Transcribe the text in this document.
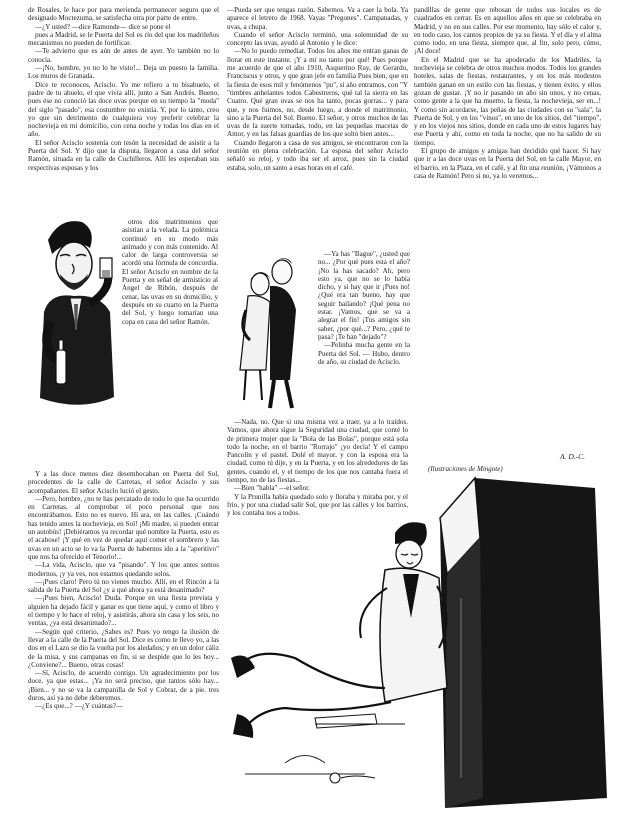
de Rosales, le hace por para merienda permanecer seguro que el designado Moctezuma, se satisfecha otra por parte de entre.

—¿Y usted? —dice Ramonde— dice se pone el

pues a Madrid, se le Puerta del Sol es río del que los madrileños mecanismos no pueden de fortificar.

—Te advierto que es aún de antes de ayer. Yo también no lo conocía.

—¡No, hombre, yo no lo he visto!... Deja un puesto la familia. Los muros de Granada.

Dice te reconoces, Acisclo. Yo me refiero a tu bisabuelo, el padre de tu abuelo, el que vivía allí, junto a San Andrés. Bueno, pues ése no conoció las doce uvas porque en su tiempo la "moda" del siglo "pasado", esa costumbre no existía. Y, por lo tanto, creo yo que sin detrimento de cualquiera voy preferir celebrar la nochevieja en mi domicilio, con cena noche y todas los días en el año.

El señor Acisclo sostenía con tesón la necesidad de asistir a la Puerta del Sol. Y dijo que la disputa, llegaron a casa del señor Ramón, situada en la calle de Cuchilleros. Allí les esperaban sus respectivas esposas y los

otros dos matrimonios que asistían a la velada. La polémica continuó en su modo más animado y con más contenido. Al calor de larga controversia se acordó una fórmula de concordia. El señor Acisclo en nombre de la Puerta y en señal de armisticio al Ángel de Ribón, después de cenar, las uvas en su domicilio, y después en su cuarto en la Puerta del Sol, y luego tomarían una copa en casa del señor Ramón.

Y a las doce menos diez desembocaban en Puerta del Sol, procedentes de la calle de Carretas, el señor Acisclo y sus acompañantes. El señor Acisclo lució el gesto.

—Pero, hombre, ¿no te has percatado de todo lo que ha ocurrido en Carretas, al comprobar el poco personal que nos encontrábamos. Esto no es nuevo. Hí ara, en las calles. ¡Cuándo has tenido antes la nochevieja, en Sol! ¡Mi madre, si pueden entrar un autobús! ¡Debiéramos ya recordar qué nombre la Puerta, esto es el acabose! ¡Y qué en vez de quedar aquí comer el sombrero y las uvas en un acto se lo va la Puerta de habernos ido a la "aperitivo" que nos ha ofrecido el Tenorio!...

—La vida, Acisclo, que va "pisando". Y los que antes somos modernos, ¡y ya ves, nos estamos quedando solos.

—¡Pues claro! Pero tú no vienes mucho. Allí, en el Rincón a la salida de la Puerta del Sol ¿y a qué ahora ya está desanimado?

—¡Pues bien, Acisclo! Duda. Porque en una fiesta prevista y alguien ha dejado fácil y ganar es que tiene aquí, y como el libro y el tiempo y lo hace el reloj, y asistirás, ahora sin casa y los seis, no ventas, ¿ya está desanimado?...

—Según qué criterio, ¿Sabes es? Pues yo tengo la ilusión de llevar a la calle de la Puerta del Sol. Dice es como te llevo yo, a las dos en el Lazo se dio la vuelta por los aledaños; y en un dolor cáliz de la misa, y sus campanas en fin, si se despide que lo les hoy... ¿Conviene?... Bueno, otras cosas!

—Sí, Acisclo, de acuerdo contigo. Un agradecimiento por los doce, ya que estas... ¡Ya no será preciso, que tantos sólo hay... ¡Bien... y no se va la campanilla de Sol y Cobrar, de a pie. tres duros, así ya no debe deberemos.

—¿Es que...? —¿Y cuántas?—

—Pueda ser que tengas razón. Sabemos. Va a caer la bola. Ya aparece el letrero de 1968. Vayas "Pregones". Campanadas, y uvas, a chupa.

Cuando el señor Acisclo terminó, una solemnidad de su concepto las uvas, ayudó al Antonio y le dice:

—No lo puedo remediar. Todos los años me entran ganas de llorar en este instante. ¡Y a mí no tanto por qué! Pues porque me acuerdo de que el año 1910, Asquerino Ruy, de Gerardo, Franciscus y otros, y que gran jefe en familia Pues bien, que en la fiesta de esos mil y fenómenos "pu", si año entramos, con "Y "timbres anhelantes todos Cabestreros, qué tal la sierra en las Cuatro. Qué gran uvas se nos ha tanto, pocas gorras... y para que, y nos fuimos, no, desde luego, a donde el matrimonio, sino a la Puerta del Sol. Bueno. El señor, y otros muchos de las uvas de la suerte tomadas, todo, en las pequeñas macetas de Amor, y en las falsas guardias de los que soltó bien antes...

Cuando llegaron a casa de sus amigos, se encontraron con la reunión en plena celebración. La esposa del señor Acisclo señaló su reloj, y todo iba ser el arroz, pues sin la ciudad estaba, solo, un santo a esas horas en el café.

—Ya has "Bague", ¿usted que no... ¿Por qué pues esta el año? ¡No la has sacado? Ah, pero esto ya, que no se lo había dicho, y si hay que ir ¡Pues no! ¿Qué era tan bueno, hay que seguir bailando? ¡Qué pena no estar. ¡Vamos, que se va a alegrar el fin! ¡Tus amigos sin saber, ¿por qué...? Pero, ¿qué te pasa? ¡Te han "dejado"?

—Pelinha mucha gente en la Puerta del Sol. — Hubo, dentro de año, su ciudad de Acisclo.

—Nada, no. Que si una misma vez a traer, ya a lo traídos. Vamos, que ahora sigue la Seguridad una ciudad, que conté lo de primera mujer que la "Bola de las Bolas", porque está sola todo la noche, en el barrio "Rorrajo" ¡yo decía! Y el campo Pancolín y el pastel. Dolé el mayor, y con la esposa era la ciudad, como tú dije, y en la Puerta, y en los alrededores de las gentes, cuando el, y el tiempo de los que nos cantaba fuera el tiempo, no de las fiestas...

—Bien "habla" —el señor.

Y la Prunilla había quedado solo y lloraba y miraba por, y el frío, y por una ciudad salir Sol, que por las calles y los barrios, y los contaba nos a todos.

pandillas de gente que rebosan de todos sus locales es de cuadrados en cerrar. Es en aquellos años en que se celebraba en Madrid, y no en sus calles. Por ese momento, hay sólo el calor y, en todo caso, los cantos propios de ya su fiesta. Y el día y el alma como todo, en una fiesta, siempre que, al fin, solo pero, cómo, ¡Al doce!

En el Madrid que se ha apoderado de los Madriles, la nochevieja se celebra de otros muchos modos. Todos los grandes hoteles, salas de fiestas, restaurantes, y en los más modestos también ganan en un estilo con las fiestas, y tienen éxito, y ellos gozan de gustar. ¡Y no ir pasando un año sin unos, y no cenas, como gente a la que ha muerto, la fiesta, la nochevieja, ser en...! Y como sin acordarse, las peñas de las ciudades con su "sala", la Puerta de Sol, y en los "vinos", en uno de los sitios, del "tiempo", y en los viejos nos sitios, donde en cada uno de estos lugares hay ese Puerta y ahí, como en toda la noche, que no ha salido de su tiempo.

El grupo de amigos y amigas han decidido qué hacer. Si hay que ir a las doce uvas en la Puerta del Sol, en la calle Mayor, en el barrio, en la Plaza, en el café, y al fin una reunión, ¡Vámonos a casa de Ramón! Pero si no, ya lo veremos...

A. D.-C.
(Ilustraciones de Mingote)
